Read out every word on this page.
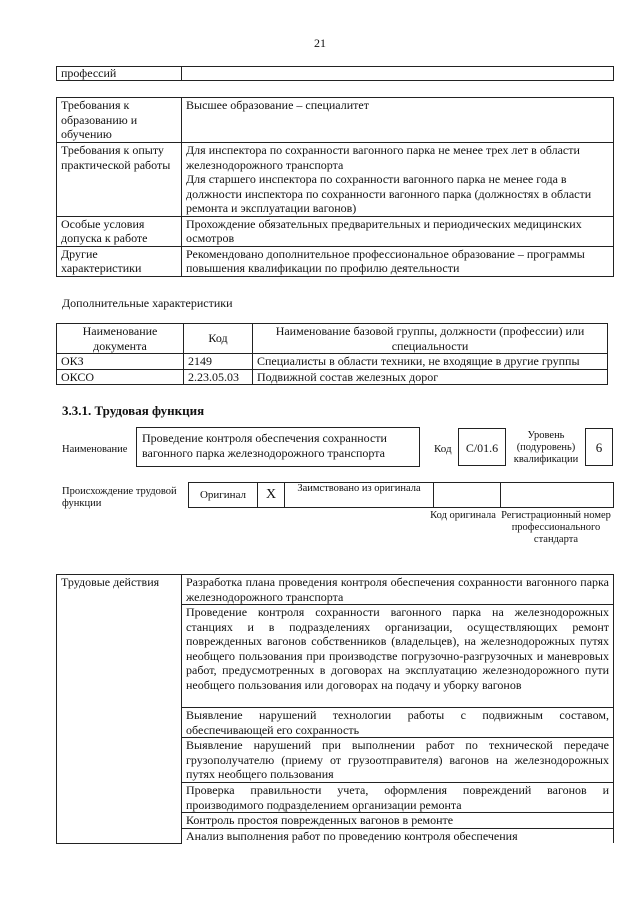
21
профессий	
Требования к образованию и обучению	Высшее образование – специалитет

Требования к опыту практической работы	Для инспектора по сохранности вагонного парка не менее трех лет в области железнодорожного транспорта
Для старшего инспектора по сохранности вагонного парка не менее года в должности инспектора по сохранности вагонного парка (должностях в области ремонта и эксплуатации вагонов)

Особые условия допуска к работе	Прохождение обязательных предварительных и периодических медицинских осмотров

Другие характеристики	Рекомендовано дополнительное профессиональное образование – программы повышения квалификации по профилю деятельности
Дополнительные характеристики
Наименование документа	Код	Наименование базовой группы, должности (профессии) или специальности
ОКЗ	2149	Специалисты в области техники, не входящие в другие группы
ОКСО	2.23.05.03	Подвижной состав железных дорог
3.3.1. Трудовая функция
Наименование
Проведение контроля обеспечения сохранности вагонного парка железнодорожного транспорта	Код	С/01.6
Уровень (подуровень) квалификации
6
Происхождение трудовой функции
Оригинал	X	Заимствовано из оригинала		
Код оригинала Регистрационный номер профессионального стандарта
Трудовые действия	Разработка плана проведения контроля обеспечения сохранности вагонного парка железнодорожного транспорта
Проведение контроля сохранности вагонного парка на железнодорожных станциях и в подразделениях организации, осуществляющих ремонт поврежденных вагонов собственников (владельцев), на железнодорожных путях необщего пользования при производстве погрузочно-разгрузочных и маневровых работ, предусмотренных в договорах на эксплуатацию железнодорожного пути необщего пользования или договорах на подачу и уборку вагонов
Выявление нарушений технологии работы с подвижным составом, обеспечивающей его сохранность
Выявление нарушений при выполнении работ по технической передаче грузополучателю (приему от грузоотправителя) вагонов на железнодорожных путях необщего пользования
Проверка правильности учета, оформления повреждений вагонов и производимого подразделением организации ремонта
Контроль простоя поврежденных вагонов в ремонте
Анализ выполнения работ по проведению контроля обеспечения
